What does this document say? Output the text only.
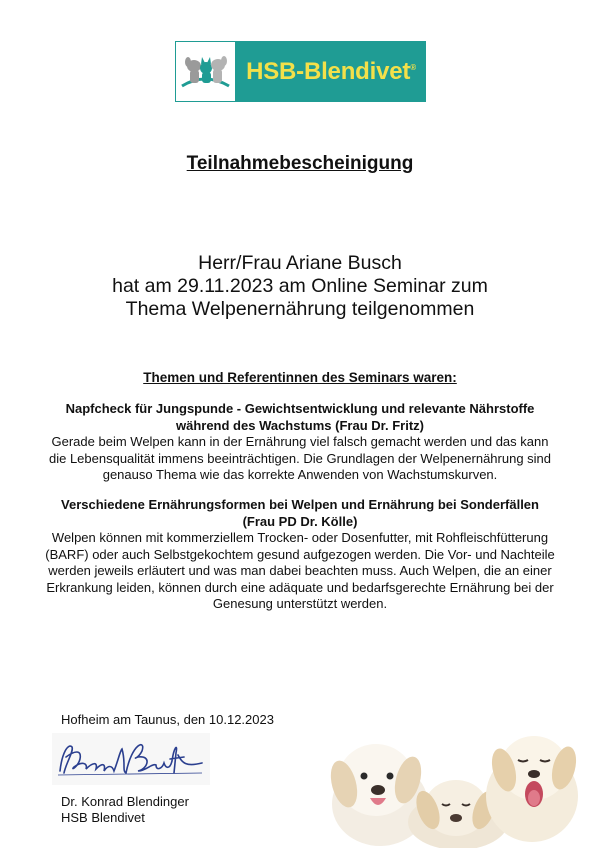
HSB-Blendivet®
Teilnahmebescheinigung
Herr/Frau Ariane Busch
hat am 29.11.2023 am Online Seminar zum
Thema Welpenernährung teilgenommen
Themen und Referentinnen des Seminars waren:
Napfcheck für Jungspunde - Gewichtsentwicklung und relevante Nährstoffe
während des Wachstums (Frau Dr. Fritz)
Gerade beim Welpen kann in der Ernährung viel falsch gemacht werden und das kann
die Lebensqualität immens beeinträchtigen. Die Grundlagen der Welpenernährung sind
genauso Thema wie das korrekte Anwenden von Wachstumskurven.
Verschiedene Ernährungsformen bei Welpen und Ernährung bei Sonderfällen
(Frau PD Dr. Kölle)
Welpen können mit kommerziellem Trocken- oder Dosenfutter, mit Rohfleischfütterung
(BARF) oder auch Selbstgekochtem gesund aufgezogen werden. Die Vor- und Nachteile
werden jeweils erläutert und was man dabei beachten muss. Auch Welpen, die an einer
Erkrankung leiden, können durch eine adäquate und bedarfsgerechte Ernährung bei der
Genesung unterstützt werden.
Hofheim am Taunus, den 10.12.2023
Dr. Konrad Blendinger
HSB Blendivet
